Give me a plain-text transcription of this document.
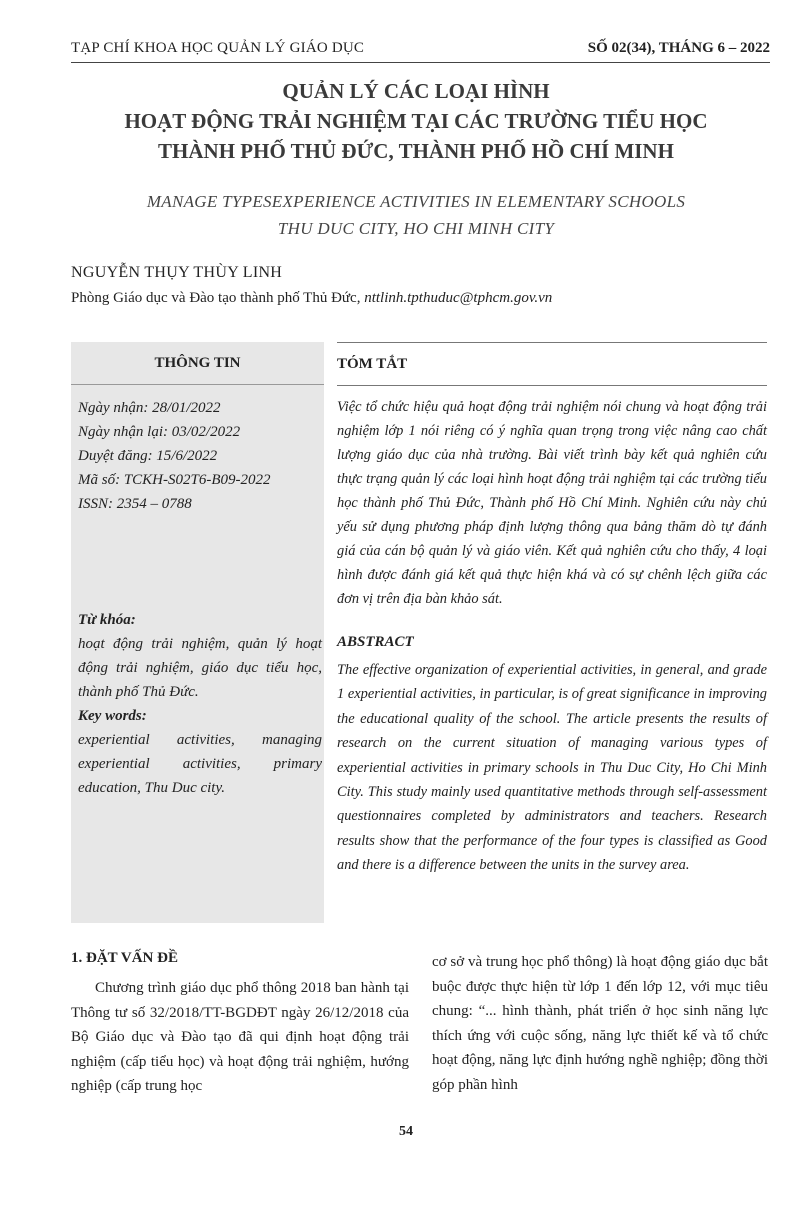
TẠP CHÍ KHOA HỌC QUẢN LÝ GIÁO DỤC	SỐ 02(34), THÁNG 6 – 2022
QUẢN LÝ CÁC LOẠI HÌNH
HOẠT ĐỘNG TRẢI NGHIỆM TẠI CÁC TRƯỜNG TIỂU HỌC
THÀNH PHỐ THỦ ĐỨC, THÀNH PHỐ HỒ CHÍ MINH
MANAGE TYPESEXPERIENCE ACTIVITIES IN ELEMENTARY SCHOOLS
THU DUC CITY, HO CHI MINH CITY
NGUYỄN THỤY THÙY LINH
Phòng Giáo dục và Đào tạo thành phố Thủ Đức, nttlinh.tpthuduc@tphcm.gov.vn
THÔNG TIN
Ngày nhận: 28/01/2022
Ngày nhận lại: 03/02/2022
Duyệt đăng: 15/6/2022
Mã số: TCKH-S02T6-B09-2022
ISSN: 2354 – 0788
Từ khóa:
hoạt động trải nghiệm, quản lý hoạt động trải nghiệm, giáo dục tiểu học, thành phố Thủ Đức.
Key words:
experiential activities, managing experiential activities, primary education, Thu Duc city.
TÓM TẮT
Việc tổ chức hiệu quả hoạt động trải nghiệm nói chung và hoạt động trải nghiệm lớp 1 nói riêng có ý nghĩa quan trọng trong việc nâng cao chất lượng giáo dục của nhà trường. Bài viết trình bày kết quả nghiên cứu thực trạng quản lý các loại hình hoạt động trải nghiệm tại các trường tiểu học thành phố Thủ Đức, Thành phố Hồ Chí Minh. Nghiên cứu này chủ yếu sử dụng phương pháp định lượng thông qua bảng thăm dò tự đánh giá của cán bộ quản lý và giáo viên. Kết quả nghiên cứu cho thấy, 4 loại hình được đánh giá kết quả thực hiện khá và có sự chênh lệch giữa các đơn vị trên địa bàn khảo sát.
ABSTRACT
The effective organization of experiential activities, in general, and grade 1 experiential activities, in particular, is of great significance in improving the educational quality of the school. The article presents the results of research on the current situation of managing various types of experiential activities in primary schools in Thu Duc City, Ho Chi Minh City. This study mainly used quantitative methods through self-assessment questionnaires completed by administrators and teachers. Research results show that the performance of the four types is classified as Good and there is a difference between the units in the survey area.
1. ĐẶT VẤN ĐỀ
Chương trình giáo dục phổ thông 2018 ban hành tại Thông tư số 32/2018/TT-BGDĐT ngày 26/12/2018 của Bộ Giáo dục và Đào tạo đã qui định hoạt động trải nghiệm (cấp tiểu học) và hoạt động trải nghiệm, hướng nghiệp (cấp trung học
cơ sở và trung học phổ thông) là hoạt động giáo dục bắt buộc được thực hiện từ lớp 1 đến lớp 12, với mục tiêu chung: “... hình thành, phát triển ở học sinh năng lực thích ứng với cuộc sống, năng lực thiết kế và tổ chức hoạt động, năng lực định hướng nghề nghiệp; đồng thời góp phần hình
54
